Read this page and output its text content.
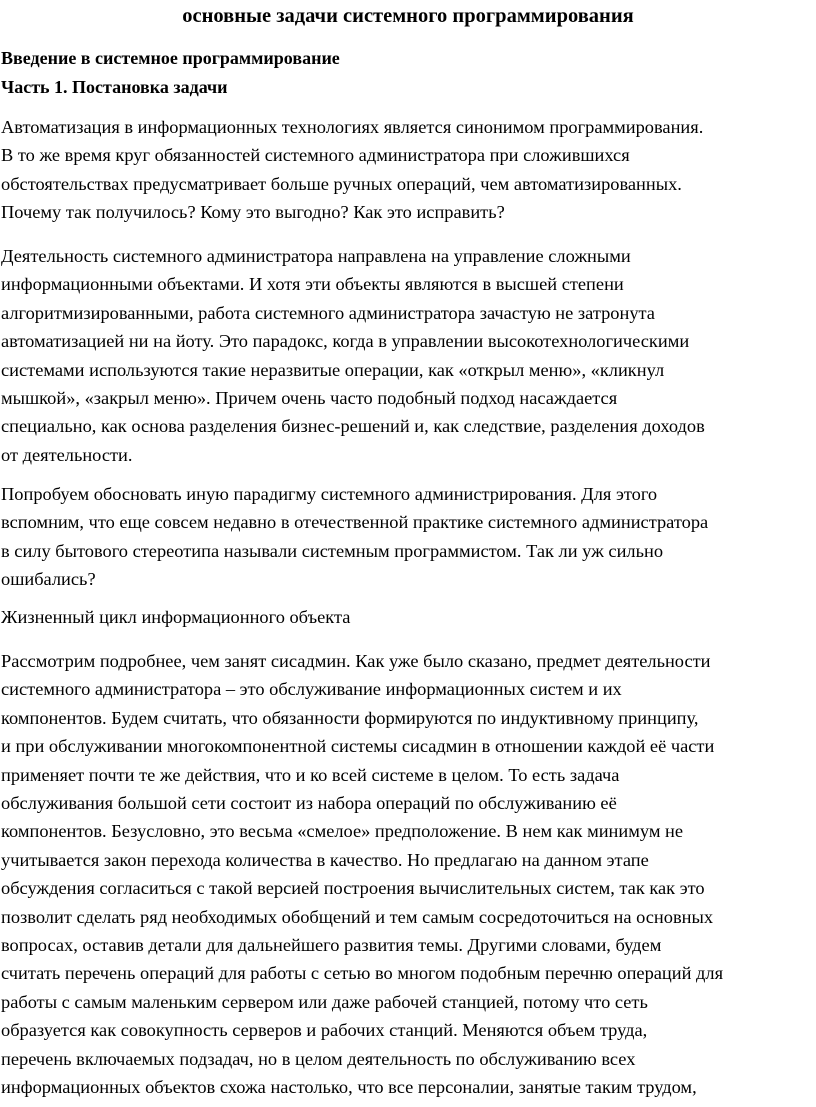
основные задачи системного программирования
Введение в системное программирование
Часть 1. Постановка задачи

Автоматизация в информационных технологиях является синонимом программирования.
В то же время круг обязанностей системного администратора при сложившихся
обстоятельствах предусматривает больше ручных операций, чем автоматизированных.
Почему так получилось? Кому это выгодно? Как это исправить?

Деятельность системного администратора направлена на управление сложными
информационными объектами. И хотя эти объекты являются в высшей степени
алгоритмизированными, работа системного администратора зачастую не затронута
автоматизацией ни на йоту. Это парадокс, когда в управлении высокотехнологическими
системами используются такие неразвитые операции, как «открыл меню», «кликнул
мышкой», «закрыл меню». Причем очень часто подобный подход насаждается
специально, как основа разделения бизнес-решений и, как следствие, разделения доходов
от деятельности.

Попробуем обосновать иную парадигму системного администрирования. Для этого
вспомним, что еще совсем недавно в отечественной практике системного администратора
в силу бытового стереотипа называли системным программистом. Так ли уж сильно
ошибались?

Жизненный цикл информационного объекта

Рассмотрим подробнее, чем занят сисадмин. Как уже было сказано, предмет деятельности
системного администратора – это обслуживание информационных систем и их
компонентов. Будем считать, что обязанности формируются по индуктивному принципу,
и при обслуживании многокомпонентной системы сисадмин в отношении каждой её части
применяет почти те же действия, что и ко всей системе в целом. То есть задача
обслуживания большой сети состоит из набора операций по обслуживанию её
компонентов. Безусловно, это весьма «смелое» предположение. В нем как минимум не
учитывается закон перехода количества в качество. Но предлагаю на данном этапе
обсуждения согласиться с такой версией построения вычислительных систем, так как это
позволит сделать ряд необходимых обобщений и тем самым сосредоточиться на основных
вопросах, оставив детали для дальнейшего развития темы. Другими словами, будем
считать перечень операций для работы с сетью во многом подобным перечню операций для
работы с самым маленьким сервером или даже рабочей станцией, потому что сеть
образуется как совокупность серверов и рабочих станций. Меняются объем труда,
перечень включаемых подзадач, но в целом деятельность по обслуживанию всех
информационных объектов схожа настолько, что все персоналии, занятые таким трудом,
